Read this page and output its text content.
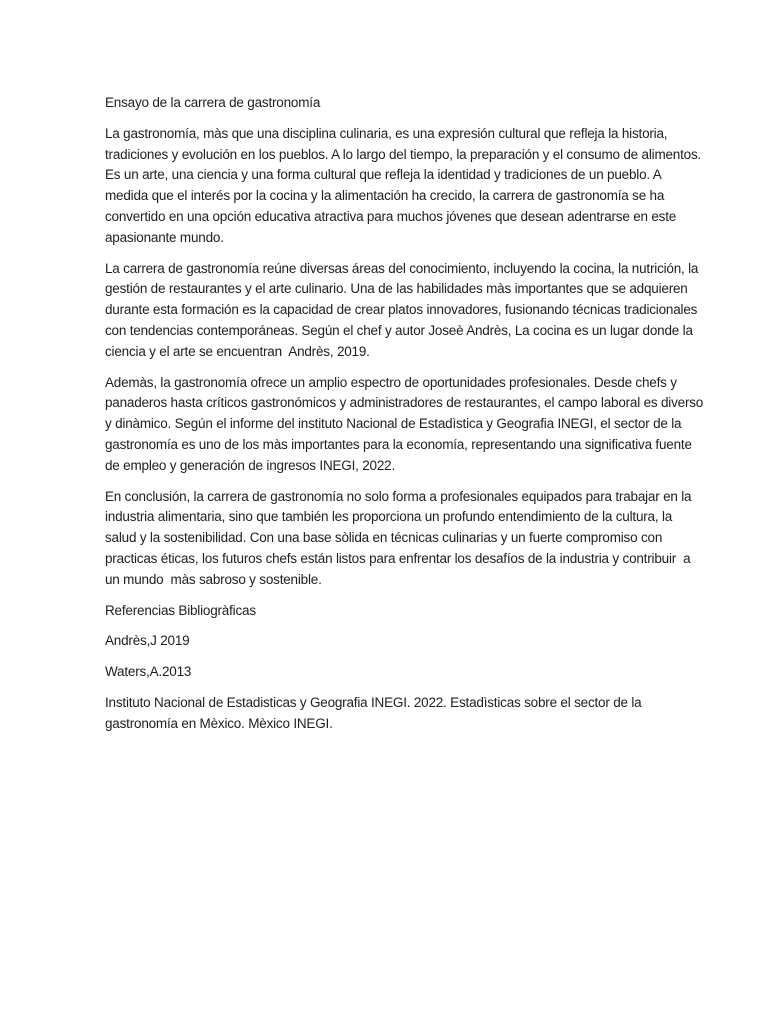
Ensayo de la carrera de gastronomía
La gastronomía, màs que una disciplina culinaria, es una expresión cultural que refleja la historia,
tradiciones y evolución en los pueblos. A lo largo del tiempo, la preparación y el consumo de alimentos.
Es un arte, una ciencia y una forma cultural que refleja la identidad y tradiciones de un pueblo. A
medida que el interés por la cocina y la alimentación ha crecido, la carrera de gastronomía se ha
convertido en una opción educativa atractiva para muchos jóvenes que desean adentrarse en este
apasionante mundo.
La carrera de gastronomía reúne diversas áreas del conocimiento, incluyendo la cocina, la nutrición, la
gestión de restaurantes y el arte culinario. Una de las habilidades màs importantes que se adquieren
durante esta formación es la capacidad de crear platos innovadores, fusionando técnicas tradicionales
con tendencias contemporáneas. Según el chef y autor Joseè Andrès, La cocina es un lugar donde la
ciencia y el arte se encuentran  Andrès, 2019.
Ademàs, la gastronomía ofrece un amplio espectro de oportunidades profesionales. Desde chefs y
panaderos hasta críticos gastronómicos y administradores de restaurantes, el campo laboral es diverso
y dinàmico. Según el informe del instituto Nacional de Estadìstica y Geografia INEGI, el sector de la
gastronomía es uno de los màs importantes para la economía, representando una significativa fuente
de empleo y generación de ingresos INEGI, 2022.
En conclusión, la carrera de gastronomía no solo forma a profesionales equipados para trabajar en la
industria alimentaria, sino que también les proporciona un profundo entendimiento de la cultura, la
salud y la sostenibilidad. Con una base sòlida en técnicas culinarias y un fuerte compromiso con
practicas éticas, los futuros chefs están listos para enfrentar los desafíos de la industria y contribuir  a
un mundo  màs sabroso y sostenible.
Referencias Bibliogràficas
Andrès,J 2019
Waters,A.2013
Instituto Nacional de Estadisticas y Geografia INEGI. 2022. Estadìsticas sobre el sector de la
gastronomía en Mèxico. Mèxico INEGI.
